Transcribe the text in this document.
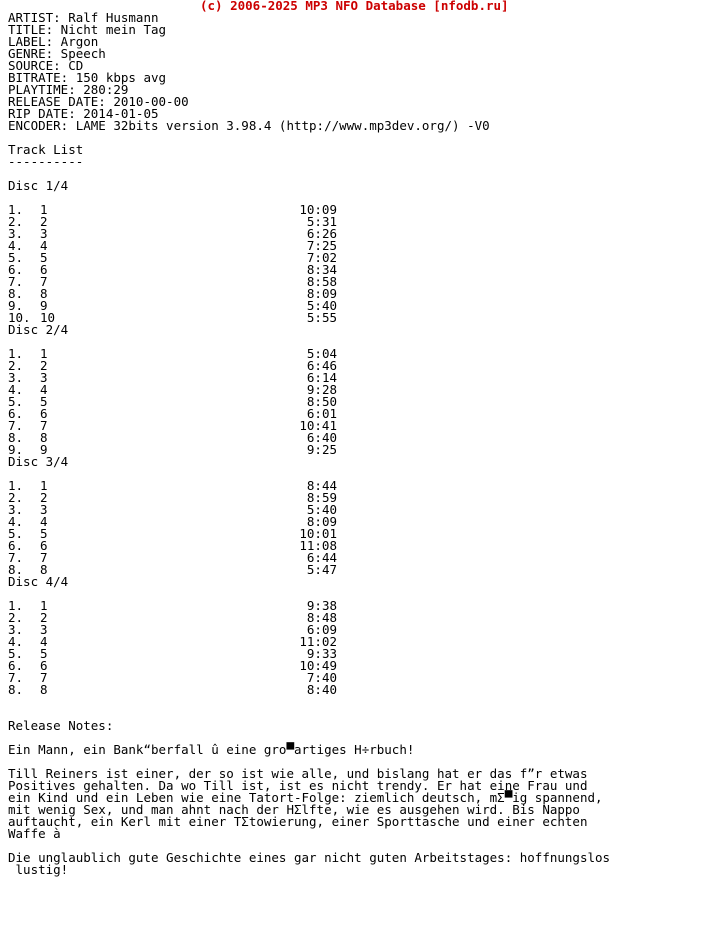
(c) 2006-2025 MP3 NFO Database [nfodb.ru]
ARTIST: Ralf Husmann
TITLE: Nicht mein Tag
LABEL: Argon
GENRE: Speech
SOURCE: CD
BITRATE: 150 kbps avg
PLAYTIME: 280:29
RELEASE DATE: 2010-00-00
RIP DATE: 2014-01-05
ENCODER: LAME 32bits version 3.98.4 (http://www.mp3dev.org/) -V0
Track List
----------
Disc 1/4
1. 1	10:09
2. 2	5:31
3. 3	6:26
4. 4	7:25
5. 5	7:02
6. 6	8:34
7. 7	8:58
8. 8	8:09
9. 9	5:40
10. 10	5:55
Disc 2/4
1. 1	5:04
2. 2	6:46
3. 3	6:14
4. 4	9:28
5. 5	8:50
6. 6	6:01
7. 7	10:41
8. 8	6:40
9. 9	9:25
Disc 3/4
1. 1	8:44
2. 2	8:59
3. 3	5:40
4. 4	8:09
5. 5	10:01
6. 6	11:08
7. 7	6:44
8. 8	5:47
Disc 4/4
1. 1	9:38
2. 2	8:48
3. 3	6:09
4. 4	11:02
5. 5	9:33
6. 6	10:49
7. 7	7:40
8. 8	8:40
Release Notes:
Ein Mann, ein Bank“berfall û eine gro▀artiges H÷rbuch!
Till Reiners ist einer, der so ist wie alle, und bislang hat er das f”r etwas
Positives gehalten. Da wo Till ist, ist es nicht trendy. Er hat eine Frau und
ein Kind und ein Leben wie eine Tatort-Folge: ziemlich deutsch, mΣ▀ig spannend,
mit wenig Sex, und man ahnt nach der HΣlfte, wie es ausgehen wird. Bis Nappo
auftaucht, ein Kerl mit einer TΣtowierung, einer Sporttasche und einer echten
Waffe à
Die unglaublich gute Geschichte eines gar nicht guten Arbeitstages: hoffnungslos
lustig!
